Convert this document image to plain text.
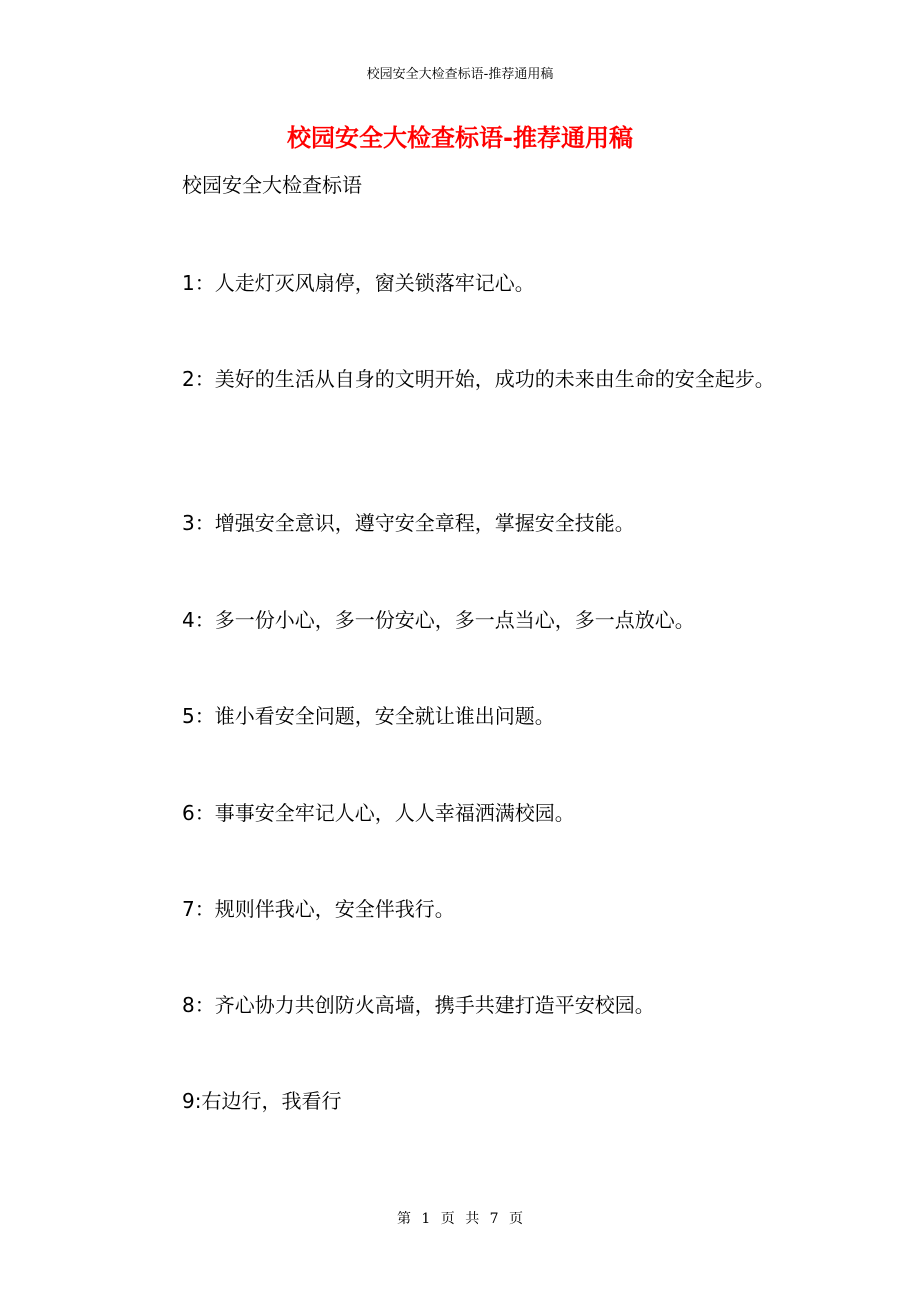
校园安全大检查标语-推荐通用稿
校园安全大检查标语-推荐通用稿

校园安全大检查标语

1：人走灯灭风扇停，窗关锁落牢记心。

2：美好的生活从自身的文明开始，成功的未来由生命的安全起步。

3：增强安全意识，遵守安全章程，掌握安全技能。

4：多一份小心，多一份安心，多一点当心，多一点放心。

5：谁小看安全问题，安全就让谁出问题。

6：事事安全牢记人心，人人幸福洒满校园。

7：规则伴我心，安全伴我行。

8：齐心协力共创防火高墙，携手共建打造平安校园。

9:右边行，我看行

第 1 页 共 7 页
